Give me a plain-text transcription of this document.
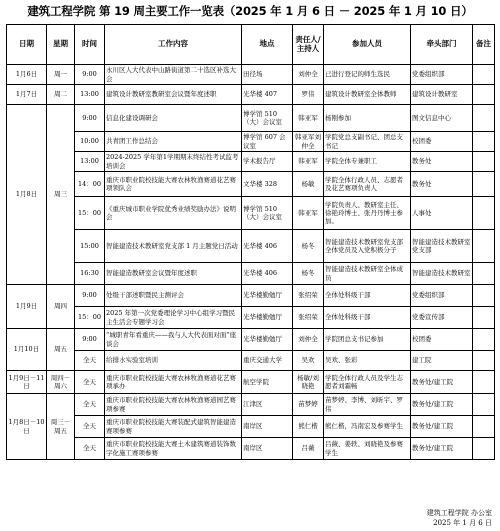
建筑工程学院 第 19 周主要工作一览表（2025 年 1 月 6 日 － 2025 年 1 月 10 日）
日期	星期	时间	工作内容	地点	责任人/主持人	参加人员	牵头部门	备注
1月6日	周一	9:00	永川区人大代表中山路街道第二十选区补选大会	田径场	刘仲全	已进行登记的师生选民	党委组织部	
1月7日	周二	13:00	建筑设计教研室教研室会议暨年度述职	光华楼 407	罗伟	建筑设计教研室全体教师	建筑设计教研室	
1月8日	周三	9:00	信息化建设调研会	博学馆 510（大）会议室	韩亚军	杨刚参加	图文信息中心	
		10:00	共青团工作总结会	博学馆 607 会议室	韩亚军刘仲全	学院党总支副书记、团总支书记	校团委	
		13:00	2024-2025 学年第1学期期末终结性考试监考培训会	学术报告厅	韩亚军	学院全体专兼职工	教务处	
		14：00	重庆市职业院校技能大赛农林牧渔赛道花艺赛项领队会	文华楼 328	杨敏	学院全体行政人员、志愿者及花艺赛项负责人	教务处	
		15：00	《重庆城市职业学院优秀业绩奖励办法》说明会	博学馆 510（大）会议室	韩亚军	学院负责人、教研室主任、徐艳玲博士、张丹丹博士参加。	人事处	
		15:00	智能建造技术教研室党支部 1 月主题党日活动	光华楼 406	杨冬	智能建造技术教研室党支部全体党员及入党积极分子	智能建造技术教研室党支部	
		16:30	智能建造教研室会议暨年度述职	光华楼 406	杨冬	智能建造技术教研室全体成员	智能建造技术教研室	
1月9日	周四	9:00	处级干部述职暨民主测评会	光华楼勤勉厅	张绍荣	全体处科级干部	党委组织部	
		15：00	2025 年第一次党委理论学习中心组学习暨民主生活会专题学习会	光华楼勤勉厅	张绍荣	全体处科级干部	党委宣传部	
1月10日	周五	9:00	“城职青年看重庆——我与人大代表面对面”座谈会	光华楼勤勉厅	刘仲全	学院团总支书记参加	校团委	
		全天	给排水实验室培训	重庆交通大学	吴欢	吴欢、张彩	建工院	
1月9日－11日	周四－周六	全天	重庆市职业院校技能大赛农林牧渔赛道花艺赛项承办	航空学院	杨敏/刘晓艳	学院全体行政人员及学生志愿者刘霜畅	教务处/建工院	
1月8日－10日	周三－周五	全天	重庆市职业院校技能大赛农林牧渔赛道园艺赛项参赛	江津区	苗梦婷	苗梦婷、李博、刘昕宇、罗伟	教务处/建工院	
		全天	重庆市职业院校技能大赛装配式建筑智能建造赛项参赛	南岸区	熊仁楷	熊仁楷，冯南宏及参赛学生	教务处/建工院	
		全天	重庆市职业院校技能大赛土木建筑赛道装饰数字化施工赛项参赛	南岸区	吕薇	吕薇、姜轶、刘晓艳及参赛学生	教务处/建工院	
建筑工程学院 办公室
2025 年 1 月 6 日
